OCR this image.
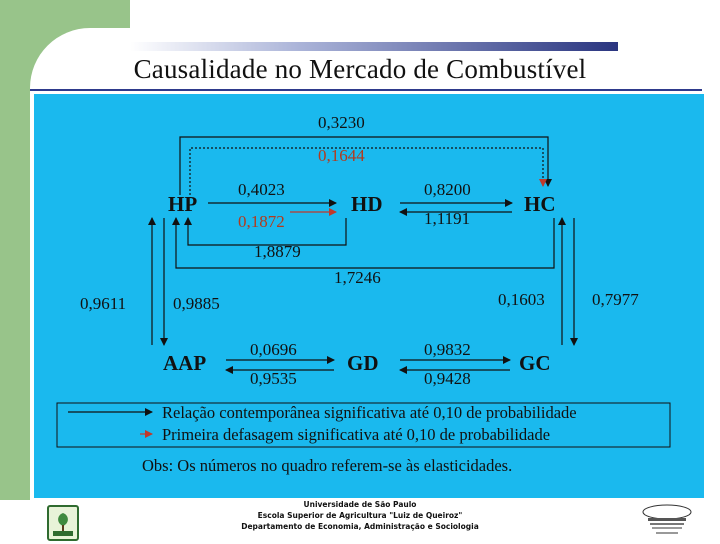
Causalidade no Mercado de Combustível
HP	HD	HC
AAP	GD	GC
0,3230
0,1644
0,4023
0,1872
1,8879
1,7246
0,8200
1,1191
0,9611	0,9885	0,1603	0,7977
0,0696
0,9535
0,9832
0,9428
Relação contemporânea significativa até 0,10 de probabilidade
Primeira defasagem significativa até 0,10 de probabilidade
Obs: Os números no quadro referem-se às elasticidades.
Universidade de São Paulo
Escola Superior de Agricultura "Luiz de Queiroz"
Departamento de Economia, Administração e Sociologia
